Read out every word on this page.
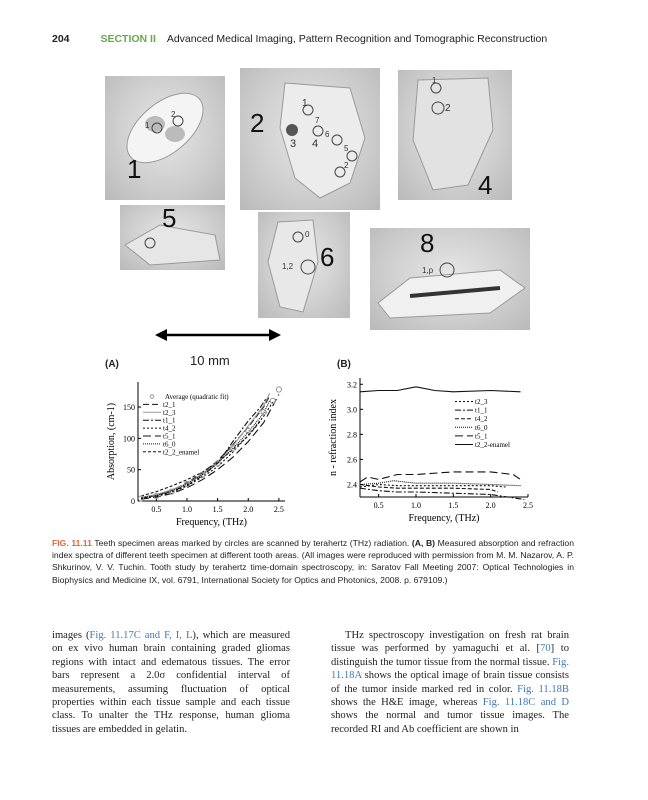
204	SECTION II Advanced Medical Imaging, Pattern Recognition and Tomographic Reconstruction
1
1
2	2
1
7
3 4
6
5
2
4
1
2
5
6
1,2
0	8
1,p
10 mm
(A)	(B)
0.5	1.0	1.5	2.0	2.5
0
50
100
150
Frequency, (THz)
Absorption, (cm-1)
Average (quadratic fit)
t2_1
t2_3
t1_1
t4_2
t5_1
t6_0
t2_2_enamel
0.5	1.0	1.5	2.0	2.5
2.4
2.6
2.8
3.0
3.2
Frequency, (THz)
n - refraction index	t2_3
t1_1
t4_2
t6_0
t5_1
t2_2-enamel
FIG. 11.11 Teeth specimen areas marked by circles are scanned by terahertz (THz) radiation. (A, B) Measured absorption and refraction index spectra of different teeth specimen at different tooth areas. (All images were reproduced with permission from M. M. Nazarov, A. P. Shkurinov, V. V. Tuchin. Tooth study by terahertz time-domain spectroscopy, in: Saratov Fall Meeting 2007: Optical Technologies in Biophysics and Medicine IX, vol. 6791, International Society for Optics and Photonics, 2008. p. 679109.)
images (Fig. 11.17C and F, I, L), which are measured on ex vivo human brain containing graded gliomas regions with intact and edematous tissues. The error bars represent a 2.0σ confidential interval of measurements, assuming fluctuation of optical properties within each tissue sample and each tissue class. To unalter the THz response, human glioma tissues are embedded in gelatin.
THz spectroscopy investigation on fresh rat brain tissue was performed by yamaguchi et al. [70] to distinguish the tumor tissue from the normal tissue. Fig. 11.18A shows the optical image of brain tissue consists of the tumor inside marked red in color. Fig. 11.18B shows the H&E image, whereas Fig. 11.18C and D shows the normal and tumor tissue images. The recorded RI and Ab coefficient are shown in
